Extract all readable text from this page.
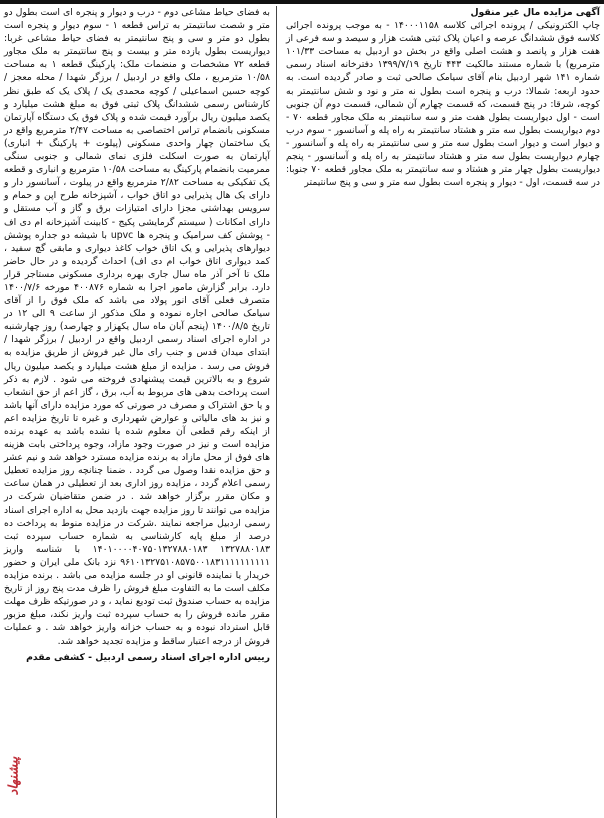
آگهی مزایده مال غیر منقول

چاپ الکترونیکی / پرونده اجرائی کلاسه ۱۴۰۰۰۱۱۵۸ - به موجب پرونده اجرائی کلاسه فوق ششدانگ عرصه و اعیان پلاک ثبتی هشت هزار و سیصد و سه فرعی از هفت هزار و پانصد و هشت اصلی واقع در بخش دو اردبیل به مساحت ۱۰۱/۳۳ مترمربع) با شماره مستند مالکیت ۴۴۳ تاریخ ۱۳۹۹/۷/۱۹ دفترخانه اسناد رسمی شماره ۱۴۱ شهر اردبیل بنام آقای سیامک صالحی ثبت و صادر گردیده است. به حدود اربعه: شمالا: درب و پنجره است بطول نه متر و نود و شش سانتیمتر به کوچه، شرقا: در پنج قسمت، که قسمت چهارم آن شمالی، قسمت دوم آن جنوبی است - اول دیواریست بطول هفت متر و سه سانتیمتر به ملک مجاور قطعه ۷۰ - دوم دیواریست بطول سه متر و هشتاد سانتیمتر به راه پله و آسانسور - سوم درب و دیوار است و دیوار است بطول سه متر و سی سانتیمتر به راه پله و آسانسور - چهارم دیواریست بطول سه متر و هشتاد سانتیمتر به راه پله و آسانسور - پنجم دیواریست بطول چهار متر و هشتاد و سه سانتیمتر به ملک مجاور قطعه ۷۰ جنوبا: در سه قسمت، اول - دیوار و پنجره است بطول سه متر و سی و پنج سانتیمتر

به فضای حیاط مشاعی دوم - درب و دیوار و پنجره ای است بطول دو متر و شصت سانتیمتر به تراس قطعه ۱ - سوم دیوار و پنجره است بطول دو متر و سی و پنج سانتیمتر به فضای حیاط مشاعی غربا: دیواریست بطول یازده متر و بیست و پنج سانتیمتر به ملک مجاور قطعه ۷۲ مشخصات و منضمات ملک: پارکینگ قطعه ۱ به مساحت ۱۰/۵۸ مترمربع ، ملک واقع در اردبیل / برزگر شهدا / محله معجز / کوچه حسین اسماعیلی / کوچه محمدی یک / پلاک یک که طبق نظر کارشناس رسمی ششدانگ پلاک ثبتی فوق به مبلغ هشت میلیارد و یکصد میلیون ریال برآورد قیمت شده و پلاک فوق یک دستگاه آپارتمان مسکونی بانضمام تراس اختصاصی به مساحت ۲/۴۷ مترمربع واقع در یک ساختمان چهار واحدی مسکونی (پیلوت + پارکینگ + انباری) آپارتمان به صورت اسکلت فلزی نمای شمالی و جنوبی سنگی ممرمیت بانضمام پارکینگ به مساحت ۱۰/۵۸ مترمربع و انباری و قطعه یک تفکیکی به مساحت ۲/۸۲ مترمربع واقع در پیلوت ، آسانسور دار و دارای یک هال پذیرایی دو اتاق خواب ، آشپزخانه طرح اپن و حمام و سرویس بهداشتی مجزا دارای امتیازات برق و گاز و آب مستقل و دارای امکانات ( سیستم گرمایشی پکیج - کابینت آشپزخانه ام دی اف - پوشش کف سرامیک و پنجره ها upvc با شیشه دو جداره پوشش دیوارهای پذیرایی و یک اتاق خواب کاغذ دیواری و مابقی گچ سفید ، کمد دیواری اتاق خواب ام دی اف) احداث گردیده و در حال حاضر ملک تا آخر آذر ماه سال جاری بهره برداری مسکونی مستاجر قرار دارد. برابر گزارش مامور اجرا به شماره ۴۰۰۸۷۶ مورخه ۱۴۰۰/۷/۶ متصرف فعلی آقای انور پولاد می باشد که ملک فوق را از آقای سیامک صالحی اجاره نموده و ملک مذکور از ساعت ۹ الی ۱۲ در تاریخ ۱۴۰۰/۸/۵ (پنجم آبان ماه سال یکهزار و چهارصد) روز چهارشنبه در اداره اجرای اسناد رسمی اردبیل واقع در اردبیل / برزگر شهدا / ابتدای میدان قدس و جنب رای مال غیر فروش از طریق مزایده به فروش می رسد . مزایده از مبلغ هشت میلیارد و یکصد میلیون ریال شروع و به بالاترین قیمت پیشنهادی فروخته می شود . لازم به ذکر است پرداخت بدهی های مربوط به آب، برق ، گاز اعم از حق انشعاب و یا حق اشتراک و مصرف در صورتی که مورد مزایده دارای آنها باشد و نیز بد های مالیاتی و عوارض شهرداری و غیره تا تاریخ مزایده اعم از اینکه رقم قطعی آن معلوم شده یا نشده باشد به عهده برنده مزایده است و نیز در صورت وجود مازاد، وجوه پرداختی بابت هزینه های فوق از محل مازاد به برنده مزایده مسترد خواهد شد و نیم عشر و حق مزایده نقدا وصول می گردد . ضمنا چنانچه روز مزایده تعطیل رسمی اعلام گردد ، مزایده روز اداری بعد از تعطیلی در همان ساعت و مکان مقرر برگزار خواهد شد . در ضمن متقاضیان شرکت در مزایده می توانند تا روز مزایده جهت بازدید محل به اداره اجرای اسناد رسمی اردبیل مراجعه نمایند .شرکت در مزایده منوط به پرداخت ده درصد از مبلغ پایه کارشناسی به شماره حساب سپرده ثبت ۱۳۲۷۸۸۰۱۸۳ ۱۴۰۱۰۰۰۰۴۰۷۵۰۱۳۲۷۸۸۰۱۸۳ با شناسه واریز ۹۶۱۰۱۳۲۷۵۱۰۸۵۷۵۰۰۱۸۳۱۱۱۱۱۱۱۱۱۱ نزد بانک ملی ایران و حضور خریدار یا نماینده قانونی او در جلسه مزایده می باشد . برنده مزایده مکلف است ما به التفاوت مبلغ فروش را ظرف مدت پنج روز از تاریخ مزایده به حساب صندوق ثبت تودیع نماید ، و در صورتیکه ظرف مهلت مقرر مانده فروش را به حساب سپرده ثبت واریز نکند، مبلغ مزبور قابل استرداد نبوده و به حساب خزانه واریز خواهد شد . و عملیات فروش از درجه اعتبار ساقط و مزایده تجدید خواهد شد.

رییس اداره اجرای اسناد رسمی اردبیل - کشفی مقدم

پیشنهاد
